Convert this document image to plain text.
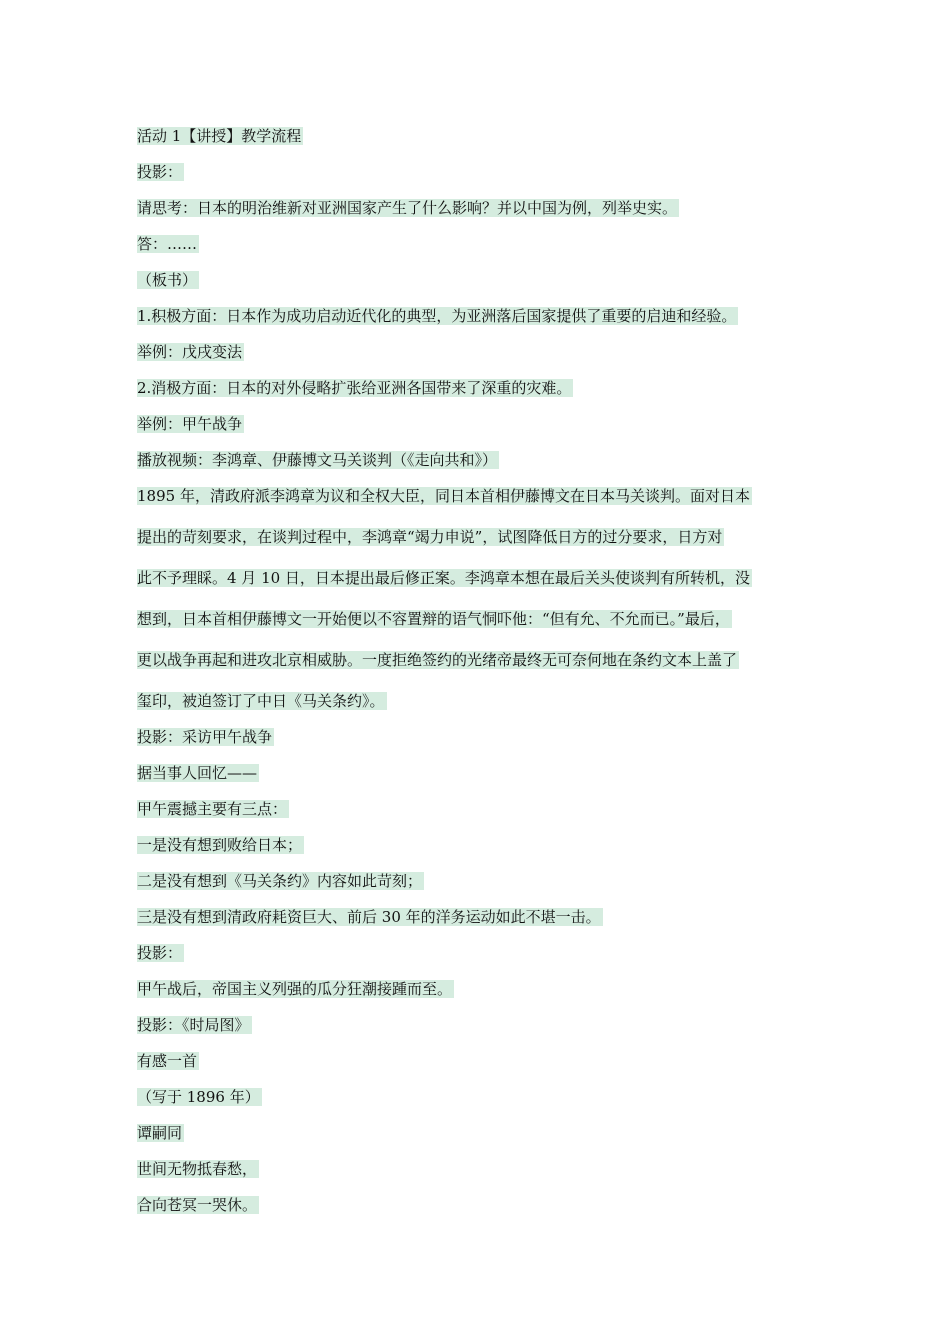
活动 1【讲授】教学流程
投影：
请思考：日本的明治维新对亚洲国家产生了什么影响？并以中国为例，列举史实。
答：……
（板书）
1.积极方面：日本作为成功启动近代化的典型，为亚洲落后国家提供了重要的启迪和经验。
举例：戊戌变法
2.消极方面：日本的对外侵略扩张给亚洲各国带来了深重的灾难。
举例：甲午战争
播放视频：李鸿章、伊藤博文马关谈判（《走向共和》）
1895 年，清政府派李鸿章为议和全权大臣，同日本首相伊藤博文在日本马关谈判。面对日本
提出的苛刻要求，在谈判过程中，李鸿章“竭力申说”，试图降低日方的过分要求，日方对
此不予理睬。4 月 10 日，日本提出最后修正案。李鸿章本想在最后关头使谈判有所转机，没
想到，日本首相伊藤博文一开始便以不容置辩的语气恫吓他：“但有允、不允而已。”最后，
更以战争再起和进攻北京相威胁。一度拒绝签约的光绪帝最终无可奈何地在条约文本上盖了
玺印，被迫签订了中日《马关条约》。
投影：采访甲午战争
据当事人回忆——
甲午震撼主要有三点：
一是没有想到败给日本；
二是没有想到《马关条约》内容如此苛刻；
三是没有想到清政府耗资巨大、前后 30 年的洋务运动如此不堪一击。
投影：
甲午战后，帝国主义列强的瓜分狂潮接踵而至。
投影：《时局图》
有感一首
（写于 1896 年）
谭嗣同
世间无物抵春愁，
合向苍冥一哭休。
